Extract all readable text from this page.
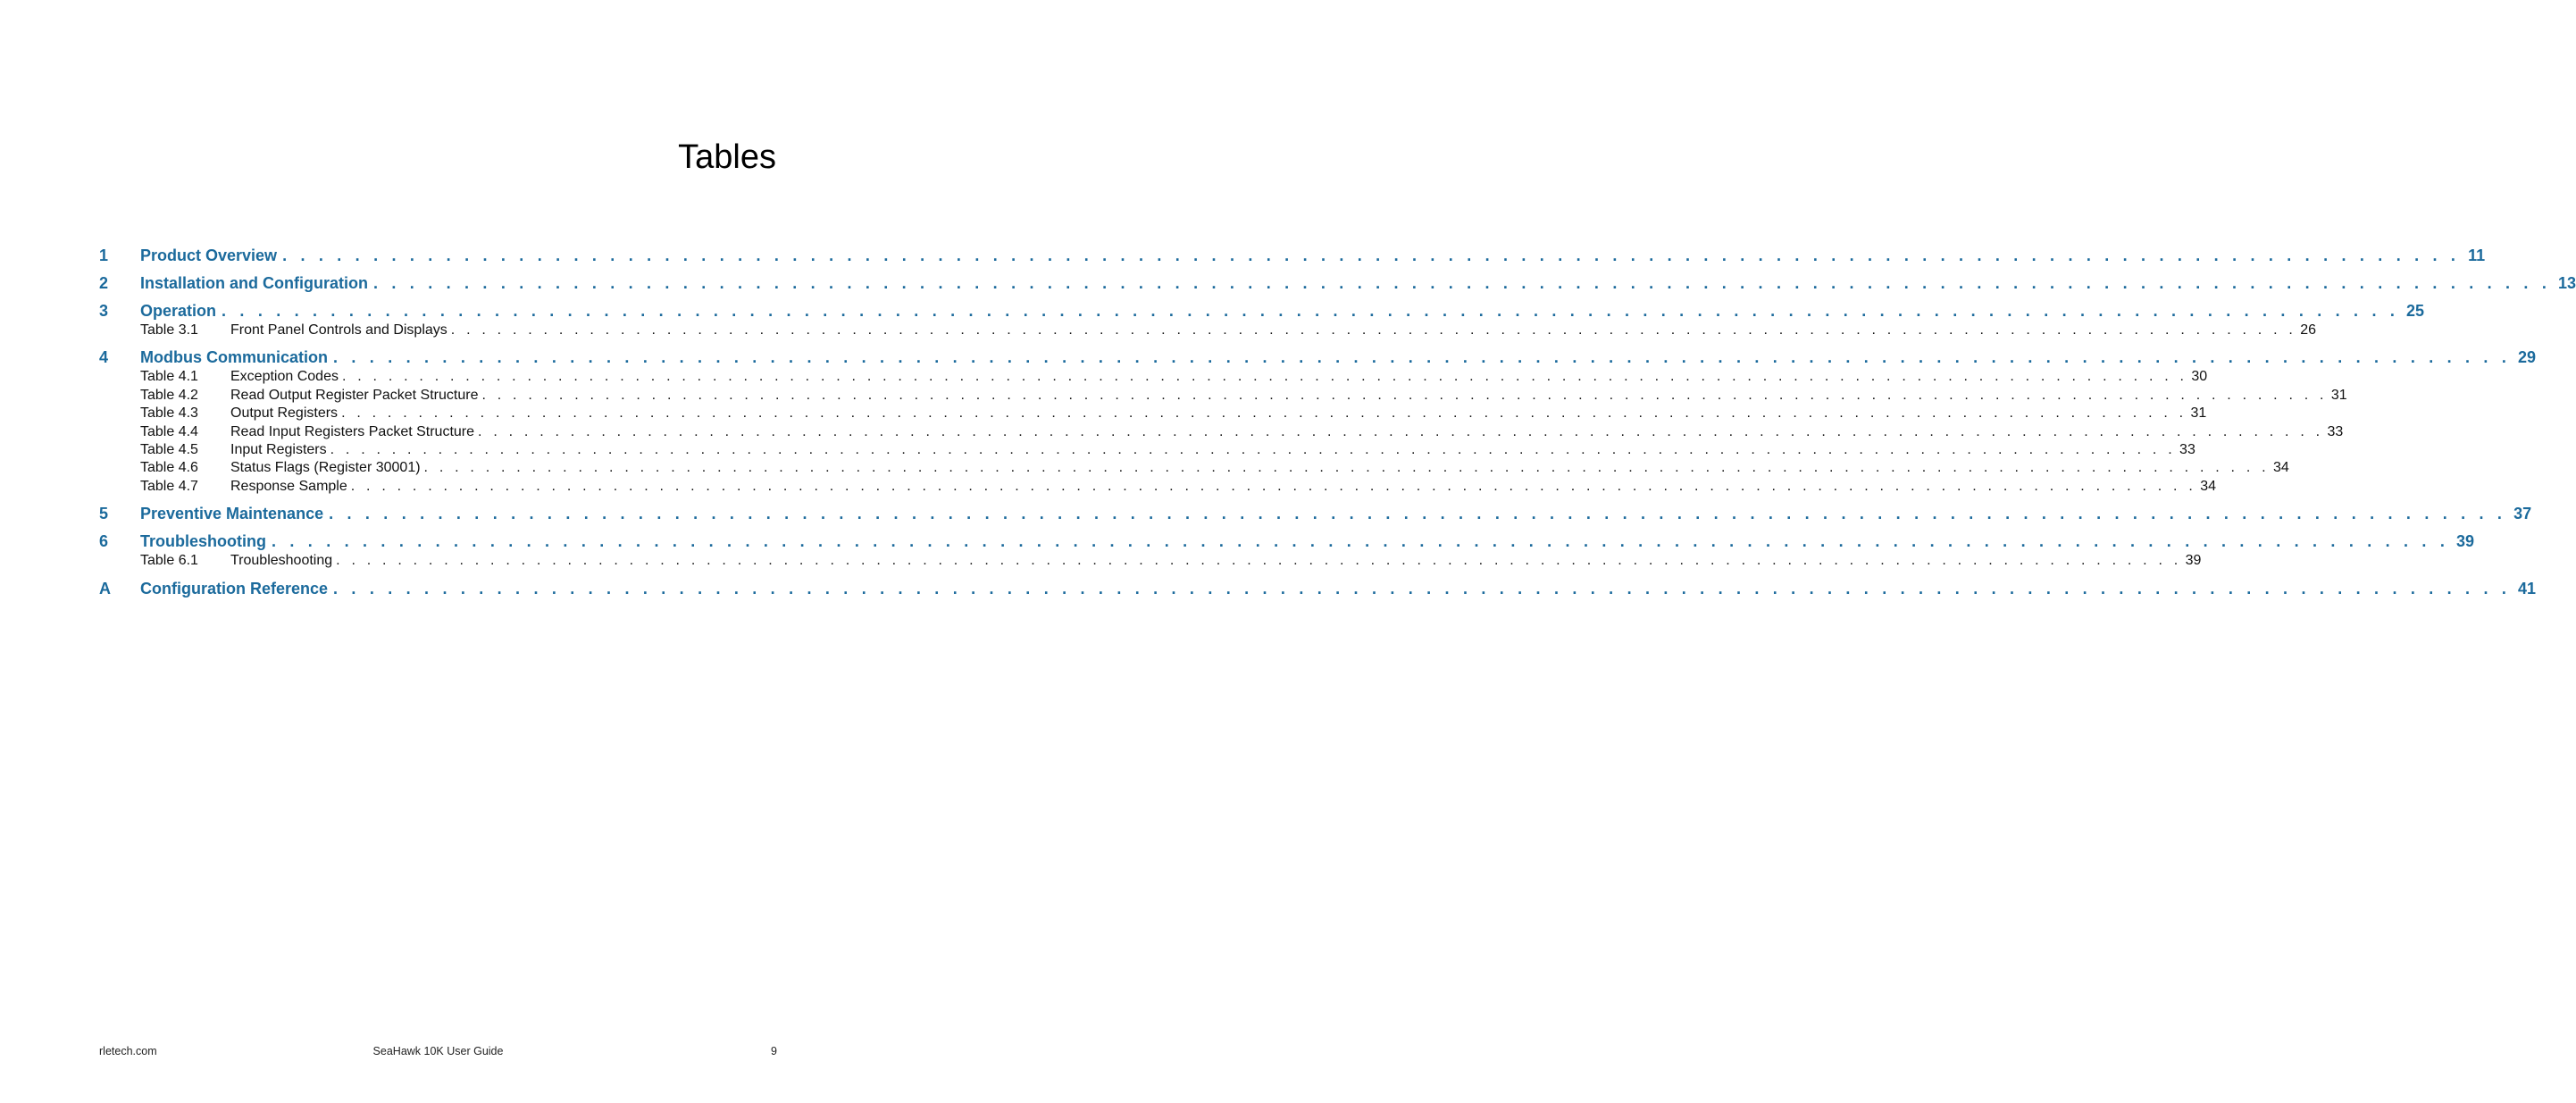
Tables
1	Product Overview . . . . . . . . . . . . . . . . . . . . . . . . . . . . . . . . . . . . . . . . . . . . . . . . . . . . . . . . . . . . . . . . . . . . . . . . . . . . . . . . . . . . . . . . . . . . . . . . . . . . . . . . . . . . . . . . . . . . . . . . 11
2	Installation and Configuration . . . . . . . . . . . . . . . . . . . . . . . . . . . . . . . . . . . . . . . . . . . . . . . . . . . . . . . . . . . . . . . . . . . . . . . . . . . . . . . . . . . . . . . . . . . . . . . . . . . . . . . . . . . . . . . . . . . . . . . . 13
3	Operation . . . . . . . . . . . . . . . . . . . . . . . . . . . . . . . . . . . . . . . . . . . . . . . . . . . . . . . . . . . . . . . . . . . . . . . . . . . . . . . . . . . . . . . . . . . . . . . . . . . . . . . . . . . . . . . . . . . . . . . . 25
Table 3.1	Front Panel Controls and Displays . . . . . . . . . . . . . . . . . . . . . . . . . . . . . . . . . . . . . . . . . . . . . . . . . . . . . . . . . . . . . . . . . . . . . . . . . . . . . . . . . . . . . . . . . . . . . . . . . . . . . . . . . . . . . . . . . . . . . . . . 26
4	Modbus Communication . . . . . . . . . . . . . . . . . . . . . . . . . . . . . . . . . . . . . . . . . . . . . . . . . . . . . . . . . . . . . . . . . . . . . . . . . . . . . . . . . . . . . . . . . . . . . . . . . . . . . . . . . . . . . . . . . . . . . . . . 29
Table 4.1	Exception Codes . . . . . . . . . . . . . . . . . . . . . . . . . . . . . . . . . . . . . . . . . . . . . . . . . . . . . . . . . . . . . . . . . . . . . . . . . . . . . . . . . . . . . . . . . . . . . . . . . . . . . . . . . . . . . . . . . . . . . . . . 30
Table 4.2	Read Output Register Packet Structure . . . . . . . . . . . . . . . . . . . . . . . . . . . . . . . . . . . . . . . . . . . . . . . . . . . . . . . . . . . . . . . . . . . . . . . . . . . . . . . . . . . . . . . . . . . . . . . . . . . . . . . . . . . . . . . . . . . . . . . . 31
Table 4.3	Output Registers . . . . . . . . . . . . . . . . . . . . . . . . . . . . . . . . . . . . . . . . . . . . . . . . . . . . . . . . . . . . . . . . . . . . . . . . . . . . . . . . . . . . . . . . . . . . . . . . . . . . . . . . . . . . . . . . . . . . . . . . 31
Table 4.4	Read Input Registers Packet Structure . . . . . . . . . . . . . . . . . . . . . . . . . . . . . . . . . . . . . . . . . . . . . . . . . . . . . . . . . . . . . . . . . . . . . . . . . . . . . . . . . . . . . . . . . . . . . . . . . . . . . . . . . . . . . . . . . . . . . . . . 33
Table 4.5	Input Registers . . . . . . . . . . . . . . . . . . . . . . . . . . . . . . . . . . . . . . . . . . . . . . . . . . . . . . . . . . . . . . . . . . . . . . . . . . . . . . . . . . . . . . . . . . . . . . . . . . . . . . . . . . . . . . . . . . . . . . . . 33
Table 4.6	Status Flags (Register 30001) . . . . . . . . . . . . . . . . . . . . . . . . . . . . . . . . . . . . . . . . . . . . . . . . . . . . . . . . . . . . . . . . . . . . . . . . . . . . . . . . . . . . . . . . . . . . . . . . . . . . . . . . . . . . . . . . . . . . . . . . 34
Table 4.7	Response Sample . . . . . . . . . . . . . . . . . . . . . . . . . . . . . . . . . . . . . . . . . . . . . . . . . . . . . . . . . . . . . . . . . . . . . . . . . . . . . . . . . . . . . . . . . . . . . . . . . . . . . . . . . . . . . . . . . . . . . . . . 34
5	Preventive Maintenance . . . . . . . . . . . . . . . . . . . . . . . . . . . . . . . . . . . . . . . . . . . . . . . . . . . . . . . . . . . . . . . . . . . . . . . . . . . . . . . . . . . . . . . . . . . . . . . . . . . . . . . . . . . . . . . . . . . . . . . . 37
6	Troubleshooting . . . . . . . . . . . . . . . . . . . . . . . . . . . . . . . . . . . . . . . . . . . . . . . . . . . . . . . . . . . . . . . . . . . . . . . . . . . . . . . . . . . . . . . . . . . . . . . . . . . . . . . . . . . . . . . . . . . . . . . . 39
Table 6.1	Troubleshooting . . . . . . . . . . . . . . . . . . . . . . . . . . . . . . . . . . . . . . . . . . . . . . . . . . . . . . . . . . . . . . . . . . . . . . . . . . . . . . . . . . . . . . . . . . . . . . . . . . . . . . . . . . . . . . . . . . . . . . . . 39
A	Configuration Reference . . . . . . . . . . . . . . . . . . . . . . . . . . . . . . . . . . . . . . . . . . . . . . . . . . . . . . . . . . . . . . . . . . . . . . . . . . . . . . . . . . . . . . . . . . . . . . . . . . . . . . . . . . . . . . . . . . . . . . . . 41
rletech.com	SeaHawk 10K User Guide	9
